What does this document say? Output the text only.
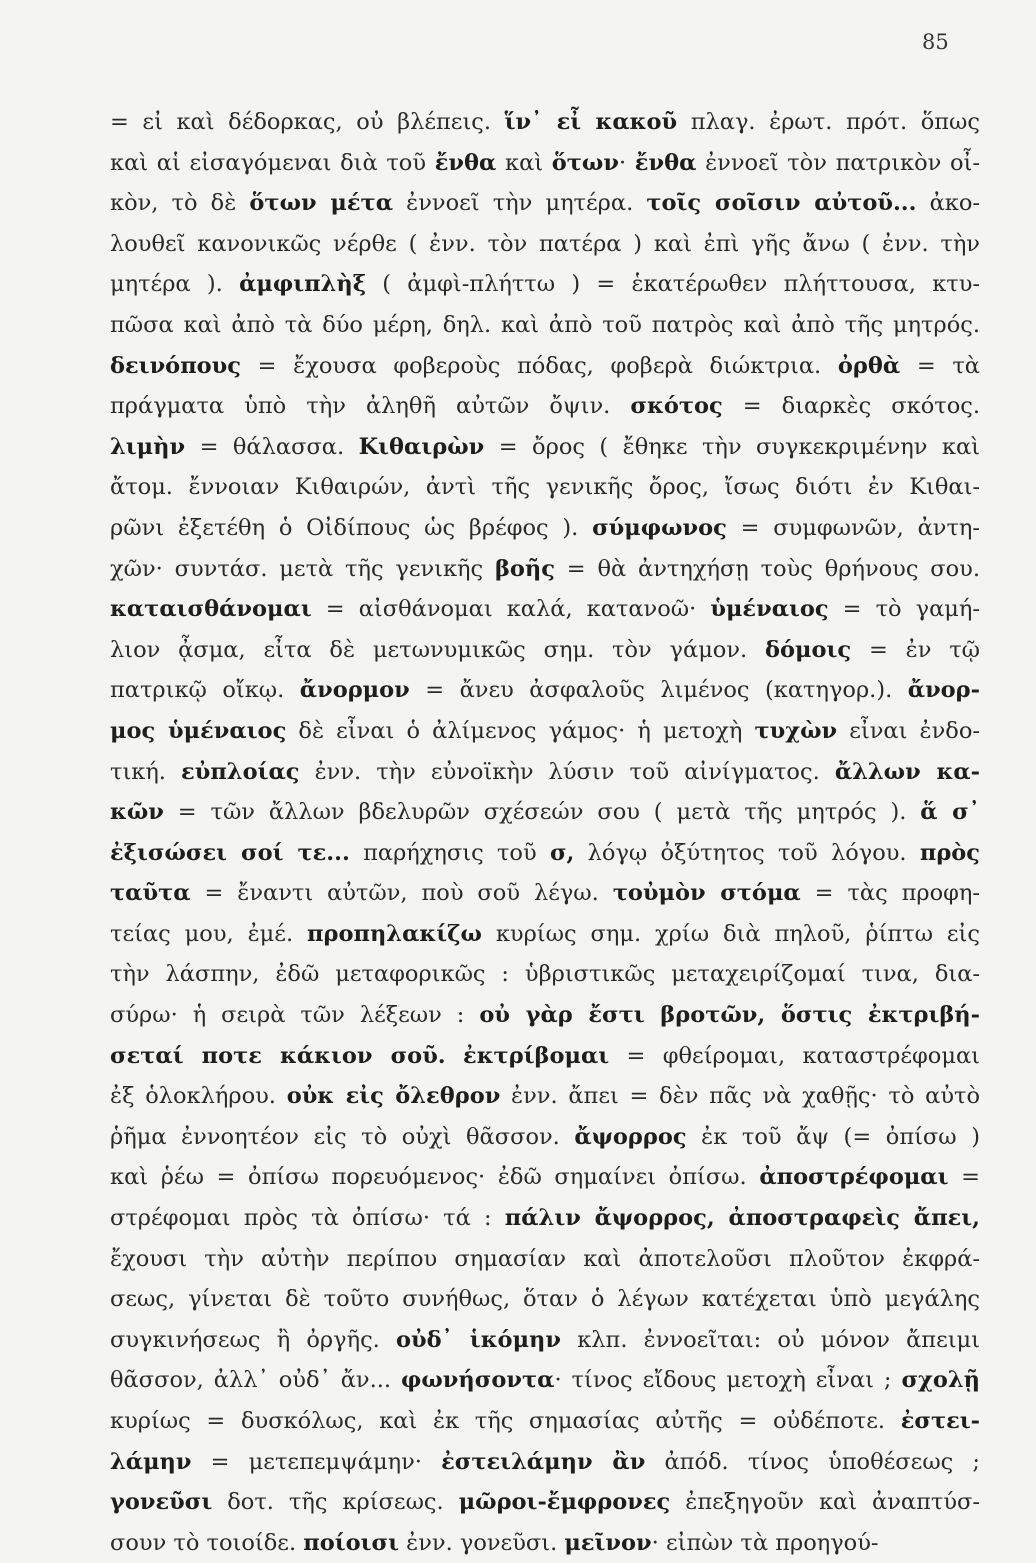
85
= εἰ καὶ δέδορκας, οὐ βλέπεις. ἵν᾿ εἶ κακοῦ πλαγ. ἐρωτ. πρότ. ὅπως
καὶ αἱ εἰσαγόμεναι διὰ τοῦ ἔνθα καὶ ὅτων· ἔνθα ἐννοεῖ τὸν πατρικὸν οἶ-
κὸν, τὸ δὲ ὅτων μέτα ἐννοεῖ τὴν μητέρα. τοῖς σοῖσιν αὐτοῦ... ἀκο-
λουθεῖ κανονικῶς νέρθε ( ἐνν. τὸν πατέρα ) καὶ ἐπὶ γῆς ἄνω ( ἐνν. τὴν
μητέρα ). ἀμφιπλὴξ ( ἀμφὶ-πλήττω ) = ἑκατέρωθεν πλήττουσα, κτυ-
πῶσα καὶ ἀπὸ τὰ δύο μέρη, δηλ. καὶ ἀπὸ τοῦ πατρὸς καὶ ἀπὸ τῆς μητρός.
δεινόπους = ἔχουσα φοβεροὺς πόδας, φοβερὰ διώκτρια. ὀρθὰ = τὰ
πράγματα ὑπὸ τὴν ἀληθῆ αὐτῶν ὄψιν. σκότος = διαρκὲς σκότος.
λιμὴν = θάλασσα. Κιθαιρὼν = ὄρος ( ἔθηκε τὴν συγκεκριμένην καὶ
ἄτομ. ἔννοιαν Κιθαιρών, ἀντὶ τῆς γενικῆς ὄρος, ἴσως διότι ἐν Κιθαι-
ρῶνι ἐξετέθη ὁ Οἰδίπους ὡς βρέφος ). σύμφωνος = συμφωνῶν, ἀντη-
χῶν· συντάσ. μετὰ τῆς γενικῆς βοῆς = θὰ ἀντηχήσῃ τοὺς θρήνους σου.
καταισθάνομαι = αἰσθάνομαι καλά, κατανοῶ· ὑμέναιος = τὸ γαμή-
λιον ᾆσμα, εἶτα δὲ μετωνυμικῶς σημ. τὸν γάμον. δόμοις = ἐν τῷ
πατρικῷ οἴκῳ. ἄνορμον = ἄνευ ἀσφαλοῦς λιμένος (κατηγορ.). ἄνορ-
μος ὑμέναιος δὲ εἶναι ὁ ἀλίμενος γάμος· ἡ μετοχὴ τυχὼν εἶναι ἐνδο-
τική. εὐπλοίας ἐνν. τὴν εὐνοϊκὴν λύσιν τοῦ αἰνίγματος. ἄλλων κα-
κῶν = τῶν ἄλλων βδελυρῶν σχέσεών σου ( μετὰ τῆς μητρός ). ἅ σ᾿
ἐξισώσει σοί τε... παρήχησις τοῦ σ, λόγῳ ὀξύτητος τοῦ λόγου. πρὸς
ταῦτα = ἔναντι αὐτῶν, ποὺ σοῦ λέγω. τοὐμὸν στόμα = τὰς προφη-
τείας μου, ἐμέ. προπηλακίζω κυρίως σημ. χρίω διὰ πηλοῦ, ῥίπτω εἰς
τὴν λάσπην, ἐδῶ μεταφορικῶς : ὑβριστικῶς μεταχειρίζομαί τινα, δια-
σύρω· ἡ σειρὰ τῶν λέξεων : οὐ γὰρ ἔστι βροτῶν, ὅστις ἐκτριβή-
σεταί ποτε κάκιον σοῦ. ἐκτρίβομαι = φθείρομαι, καταστρέφομαι
ἐξ ὁλοκλήρου. οὐκ εἰς ὄλεθρον ἐνν. ἄπει = δὲν πᾶς νὰ χαθῇς· τὸ αὐτὸ
ῥῆμα ἐννοητέον εἰς τὸ οὐχὶ θᾶσσον. ἄψορρος ἐκ τοῦ ἄψ (= ὀπίσω )
καὶ ῥέω = ὀπίσω πορευόμενος· ἐδῶ σημαίνει ὀπίσω. ἀποστρέφομαι =
στρέφομαι πρὸς τὰ ὀπίσω· τά : πάλιν ἄψορρος, ἀποστραφεὶς ἄπει,
ἔχουσι τὴν αὐτὴν περίπου σημασίαν καὶ ἀποτελοῦσι πλοῦτον ἐκφρά-
σεως, γίνεται δὲ τοῦτο συνήθως, ὅταν ὁ λέγων κατέχεται ὑπὸ μεγάλης
συγκινήσεως ἢ ὀργῆς. οὐδ᾿ ἱκόμην κλπ. ἐννοεῖται: οὐ μόνον ἄπειμι
θᾶσσον, ἀλλ᾿ οὐδ᾿ ἄν... φωνήσοντα· τίνος εἴδους μετοχὴ εἶναι ; σχολῇ
κυρίως = δυσκόλως, καὶ ἐκ τῆς σημασίας αὐτῆς = οὐδέποτε. ἐστει-
λάμην = μετεπεμψάμην· ἐστειλάμην ἂν ἀπόδ. τίνος ὑποθέσεως ;
γονεῦσι δοτ. τῆς κρίσεως. μῶροι-ἔμφρονες ἐπεξηγοῦν καὶ ἀναπτύσ-
σουν τὸ τοιοίδε. ποίοισι ἐνν. γονεῦσι. μεῖνον· εἰπὼν τὰ προηγού-
